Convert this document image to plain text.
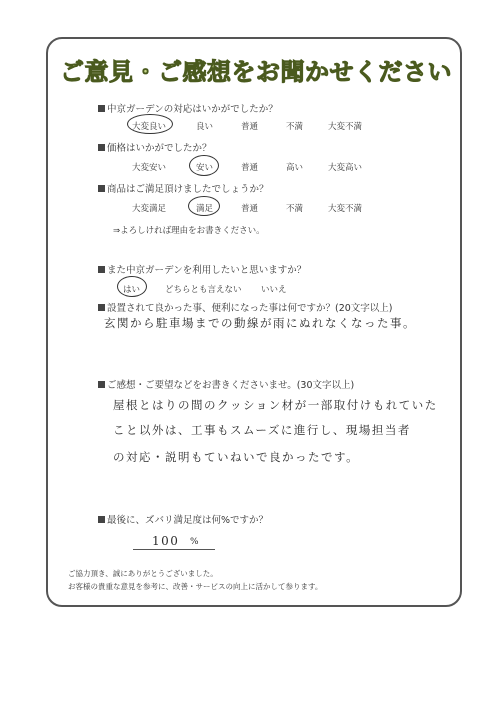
ご意見・ご感想をお聞かせください
中京ガーデンの対応はいかがでしたか？
大変良い	良い	普通	不満	大変不満
価格はいかがでしたか？
大変安い	安い	普通	高い	大変高い
商品はご満足頂けましたでしょうか？
大変満足	満足	普通	不満	大変不満
⇒よろしければ理由をお書きください。
また中京ガーデンを利用したいと思いますか？
はい	どちらとも言えない いいえ
設置されて良かった事、便利になった事は何ですか？(20文字以上)
玄関から駐車場までの動線が雨にぬれなくなった事。
ご感想・ご要望などをお書きくださいませ。(30文字以上)
屋根とはりの間のクッション材が一部取付けもれていた
こと以外は、工事もスムーズに進行し、現場担当者
の対応・説明もていねいで良かったです。
最後に、ズバリ満足度は何%ですか？
100 %
ご協力頂き、誠にありがとうございました。
お客様の貴重な意見を参考に、改善・サービスの向上に活かして参ります。
